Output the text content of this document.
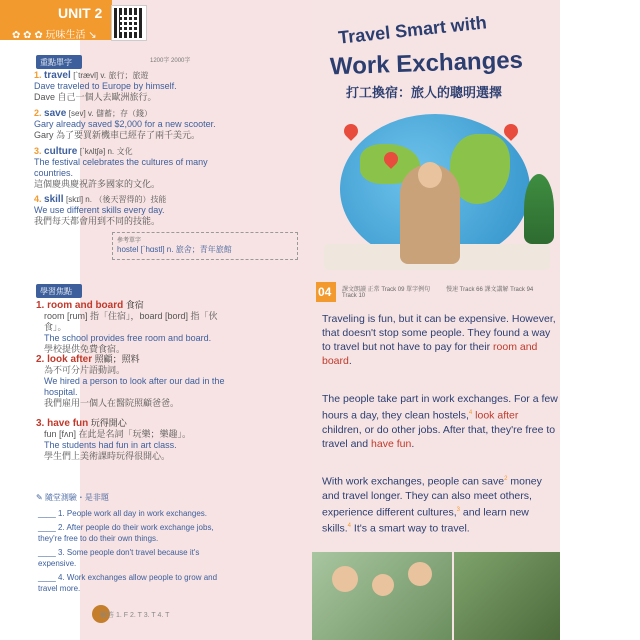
UNIT 2
✿ ✿ ✿ 玩味生活 ↘
重點單字	1200字 2000字
1. travel [ˋtrævl] v. 旅行；旅遊
Dave traveled to Europe by himself.
Dave 自己一個人去歐洲旅行。
2. save [sev] v. 儲蓄；存（錢）
Gary already saved $2,000 for a new scooter.
Gary 為了要買新機車已經存了兩千美元。
3. culture [ˋkʌltʃə] n. 文化
The festival celebrates the cultures of many countries.
這個慶典慶祝許多國家的文化。
4. skill [skɪl] n. （後天習得的）技能
We use different skills every day.
我們每天都會用到不同的技能。
參考單字
hostel [ˋhɑstl] n. 旅舍；青年旅館
學習焦點
1. room and board 食宿
room [rum] 指「住宿」，board [bord] 指「伙食」。
The school provides free room and board.
學校提供免費食宿。
2. look after 照顧；照料
為不可分片語動詞。
We hired a person to look after our dad in the hospital.
我們雇用一個人在醫院照顧爸爸。
3. have fun 玩得開心
fun [fʌn] 在此是名詞「玩樂；樂趣」。
The students had fun in art class.
學生們上美術課時玩得很開心。
✎ 隨堂測驗・是非題
____ 1. People work all day in work exchanges.
____ 2. After people do their work exchange jobs, they're free to do their own things.
____ 3. Some people don't travel because it's expensive.
____ 4. Work exchanges allow people to grow and travel more.
解答 1. F 2. T 3. T 4. T
Travel Smart with
Work Exchanges
打工換宿：旅人的聰明選擇
04	課文朗讀 正常 Track 09 單字例句 Track 10
慢速 Track 66 課文講解 Track 94
Traveling is fun, but it can be expensive. However, that doesn't stop some people. They found a way to travel but not have to pay for their room and board.
The people take part in work exchanges. For a few hours a day, they clean hostels,$^4$ look after children, or do other jobs. After that, they're free to travel and have fun.
With work exchanges, people can save$^2$ money and travel longer. They can also meet others, experience different cultures,$^3$ and learn new skills.$^4$ It's a smart way to travel.
